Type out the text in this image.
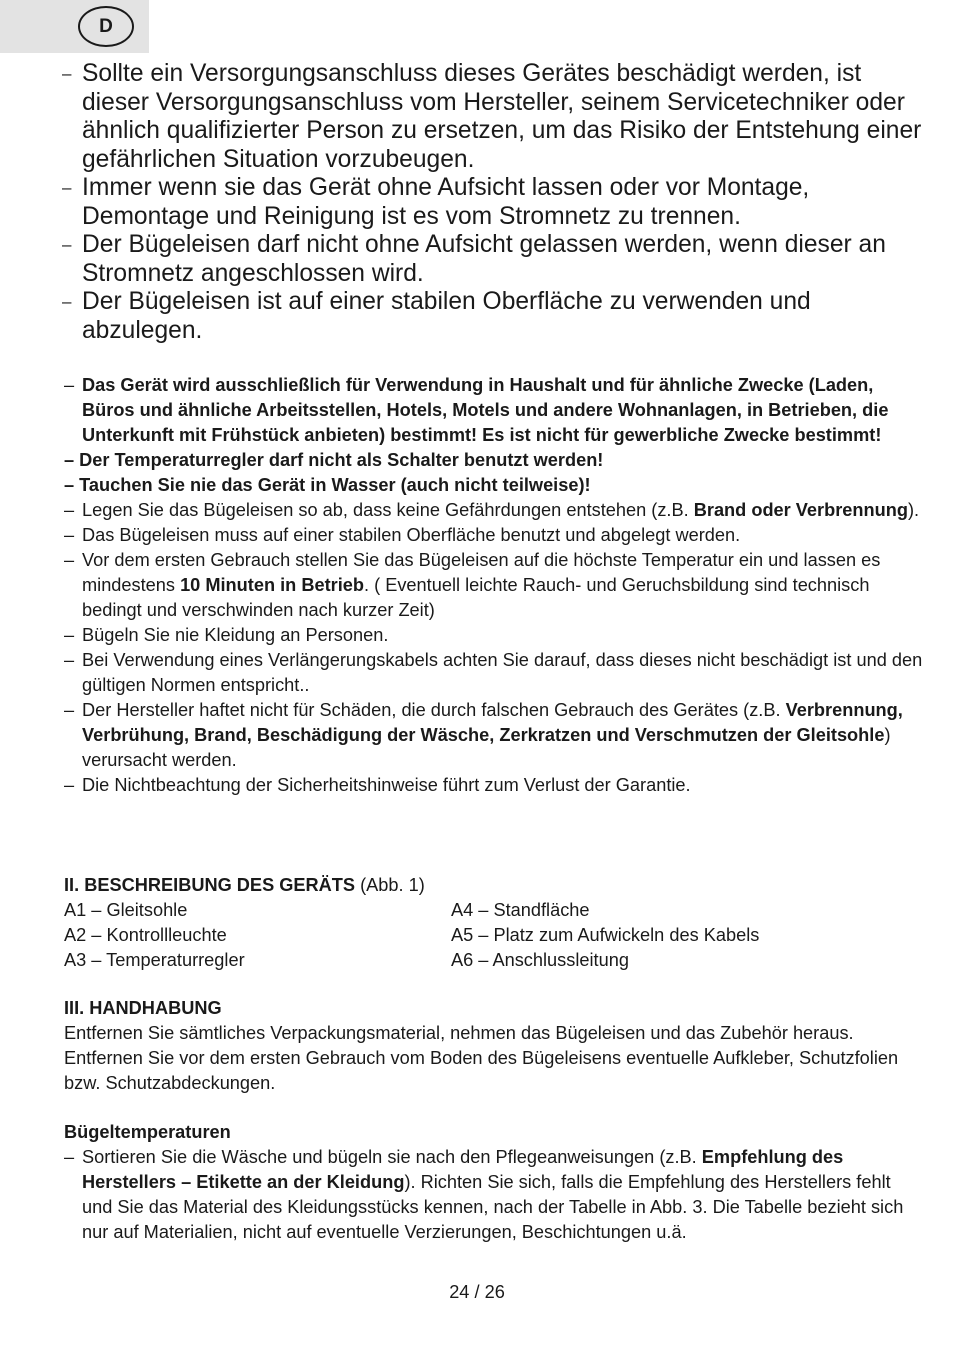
D
– Sollte ein Versorgungsanschluss dieses Gerätes beschädigt werden, ist dieser Versorgungsanschluss vom Hersteller, seinem Servicetechniker oder ähnlich qualifizierter Person zu ersetzen, um das Risiko der Entstehung einer gefährlichen Situation vorzubeugen.
– Immer wenn sie das Gerät ohne Aufsicht lassen oder vor Montage, Demontage und Reinigung ist es vom Stromnetz zu trennen.
– Der Bügeleisen darf nicht ohne Aufsicht gelassen werden, wenn dieser an Stromnetz angeschlossen wird.
– Der Bügeleisen ist auf einer stabilen Oberfläche zu verwenden und abzulegen.
– Das Gerät wird ausschließlich für Verwendung in Haushalt und für ähnliche Zwecke (Laden, Büros und ähnliche Arbeitsstellen, Hotels, Motels und andere Wohnanlagen, in Betrieben, die Unterkunft mit Frühstück anbieten) bestimmt! Es ist nicht für gewerbliche Zwecke bestimmt!
– Der Temperaturregler darf nicht als Schalter benutzt werden!
– Tauchen Sie nie das Gerät in Wasser (auch nicht teilweise)!
– Legen Sie das Bügeleisen so ab, dass keine Gefährdungen entstehen (z.B. Brand oder Verbrennung).
– Das Bügeleisen muss auf einer stabilen Oberfläche benutzt und abgelegt werden.
– Vor dem ersten Gebrauch stellen Sie das Bügeleisen auf die höchste Temperatur ein und lassen es mindestens 10 Minuten in Betrieb. ( Eventuell leichte Rauch- und Geruchsbildung sind technisch bedingt und verschwinden nach kurzer Zeit)
– Bügeln Sie nie Kleidung an Personen.
– Bei Verwendung eines Verlängerungskabels achten Sie darauf, dass dieses nicht beschädigt ist und den gültigen Normen entspricht..
– Der Hersteller haftet nicht für Schäden, die durch falschen Gebrauch des Gerätes (z.B. Verbrennung, Verbrühung, Brand, Beschädigung der Wäsche, Zerkratzen und Verschmutzen der Gleitsohle) verursacht werden.
– Die Nichtbeachtung der Sicherheitshinweise führt zum Verlust der Garantie.
II. BESCHREIBUNG DES GERÄTS (Abb. 1)
A1 – Gleitsohle	A4 – Standfläche
A2 – Kontrollleuchte	A5 – Platz zum Aufwickeln des Kabels
A3 – Temperaturregler	A6 – Anschlussleitung
III. HANDHABUNG
Entfernen Sie sämtliches Verpackungsmaterial, nehmen das Bügeleisen und das Zubehör heraus. Entfernen Sie vor dem ersten Gebrauch vom Boden des Bügeleisens eventuelle Aufkleber, Schutzfolien bzw. Schutzabdeckungen.
Bügeltemperaturen
– Sortieren Sie die Wäsche und bügeln sie nach den Pflegeanweisungen (z.B. Empfehlung des Herstellers – Etikette an der Kleidung). Richten Sie sich, falls die Empfehlung des Herstellers fehlt und Sie das Material des Kleidungsstücks kennen, nach der Tabelle in Abb. 3. Die Tabelle bezieht sich nur auf Materialien, nicht auf eventuelle Verzierungen, Beschichtungen u.ä.
24 / 26
